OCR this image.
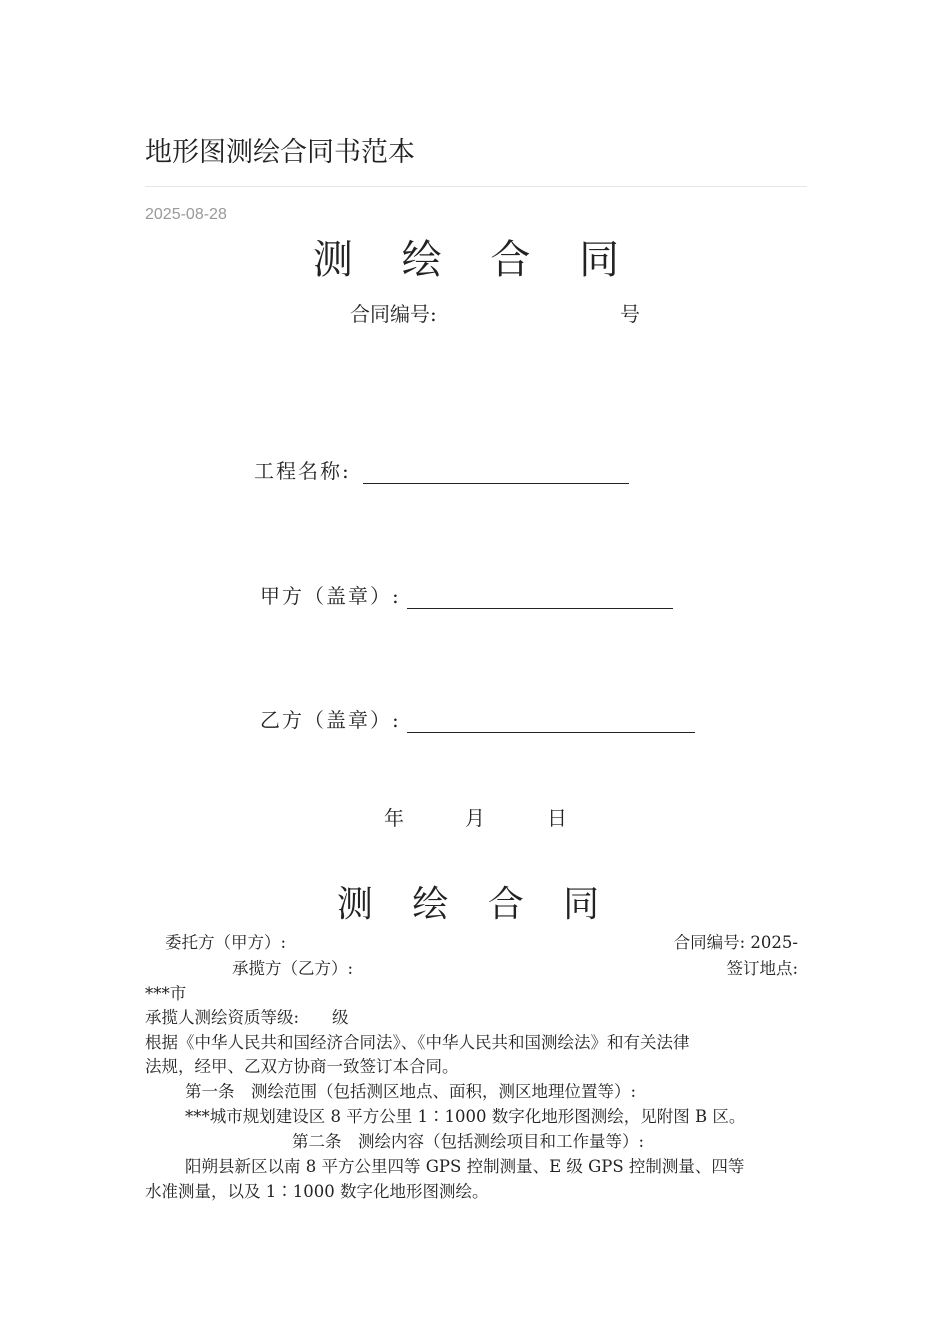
地形图测绘合同书范本
2025-08-28
测 绘 合 同
合同编号:	号
工程名称:
甲方（盖章）:
乙方（盖章）:
年	月	日
测 绘 合 同
委托方（甲方）:	合同编号: 2025-
承揽方（乙方）:	签订地点:
***市
承揽人测绘资质等级:　　级
根据《中华人民共和国经济合同法》、《中华人民共和国测绘法》和有关法律
法规，经甲、乙双方协商一致签订本合同。
第一条　测绘范围（包括测区地点、面积，测区地理位置等）:
***城市规划建设区 8 平方公里 1∶1000 数字化地形图测绘，见附图 B 区。
第二条　测绘内容（包括测绘项目和工作量等）:
阳朔县新区以南 8 平方公里四等 GPS 控制测量、E 级 GPS 控制测量、四等
水准测量，以及 1∶1000 数字化地形图测绘。
